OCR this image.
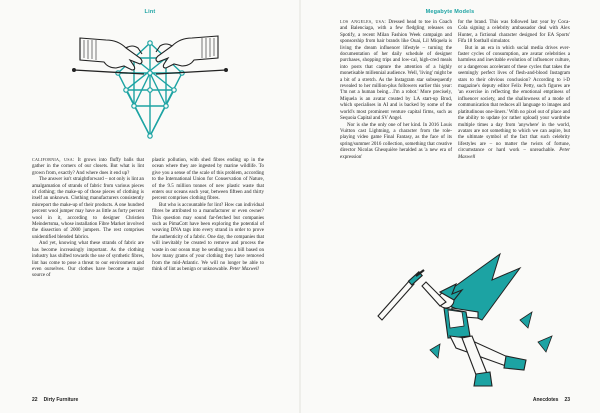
Lint

california, usa: It grows into fluffy balls that gather in the corners of our closets. But what is lint grown from, exactly? And where does it end up?

The answer isn't straightforward – not only is lint an amalgamation of strands of fabric from various pieces of clothing; the make-up of those pieces of clothing is itself an unknown. Clothing manufacturers consistently misreport the make-up of their products. A one hundred percent wool jumper may have as little as forty percent wool in it, according to designer Christien Meindertsma, whose installation Fibre Market involved the dissection of 2000 jumpers. The rest comprises unidentified blended fabrics.

And yet, knowing what these strands of fabric are has become increasingly important. As the clothing industry has shifted towards the use of synthetic fibres, lint has come to pose a threat to our environment and even ourselves. Our clothes have become a major source of

plastic pollution, with shed fibres ending up in the ocean where they are ingested by marine wildlife. To give you a sense of the scale of this problem, according to the International Union for Conservation of Nature, of the 9.5 million tonnes of new plastic waste that enters our oceans each year, between fifteen and thirty percent comprises clothing fibres.

But who is accountable for lint? How can individual fibres be attributed to a manufacturer or even owner? This question may sound far-fetched but companies such as PimaCott have been exploring the potential of weaving DNA tags into every strand in order to prove the authenticity of a fabric. One day, the companies that will inevitably be created to remove and process the waste in our ocean may be sending you a bill based on how many grams of your clothing they have removed from the mid-Atlantic. We will no longer be able to think of lint as benign or unknowable. Peter Maxwell

22 Dirty Furniture
Megabyte Models

los angeles, usa: Dressed head to toe in Coach and Balenciaga, with a few fledgling releases on Spotify, a recent Milan Fashion Week campaign and sponsorship from hair brands like Ouai, Lil Miquela is living the dream influencer lifestyle – turning the documentation of her daily schedule of designer purchases, shopping trips and low-cal, high-cred meals into posts that capture the attention of a highly monetisable millennial audience. Well, 'living' might be a bit of a stretch. As the Instagram star subsequently revealed to her million-plus followers earlier this year: 'I'm not a human being…I'm a robot.' More precisely, Miquela is an avatar created by LA start-up Brud, which specialises in AI and is backed by some of the world's most prominent venture capital firms, such as Sequoia Capital and SV Angel.

Nor is she the only one of her kind. In 2016 Louis Vuitton cast Lightning, a character from the role-playing video game Final Fantasy, as the face of its spring/summer 2016 collection, something that creative director Nicolas Ghesquière heralded as 'a new era of expression'

for the brand. This was followed last year by Coca-Cola signing a celebrity ambassador deal with Alex Hunter, a fictional character designed for EA Sports' Fifa 18 football simulator.

But in an era in which social media drives ever-faster cycles of consumption, are avatar celebrities a harmless and inevitable evolution of influencer culture, or a dangerous accelerant of these cycles that takes the seemingly perfect lives of flesh-and-blood Instagram stars to their obvious conclusion? According to i-D magazine's deputy editor Felix Petty, such figures are 'an exercise in reflecting the emotional emptiness of influencer society, and the shallowness of a mode of communication that reduces all language to images and platitudinous one-liners.' With no pixel out of place and the ability to update (or rather upload) your wardrobe multiple times a day from 'anywhere' in the world, avatars are not something to which we can aspire, but the ultimate symbol of the fact that such celebrity lifestyles are – no matter the twists of fortune, circumstance or hard work – unreachable. Peter Maxwell

Anecdotes 23
